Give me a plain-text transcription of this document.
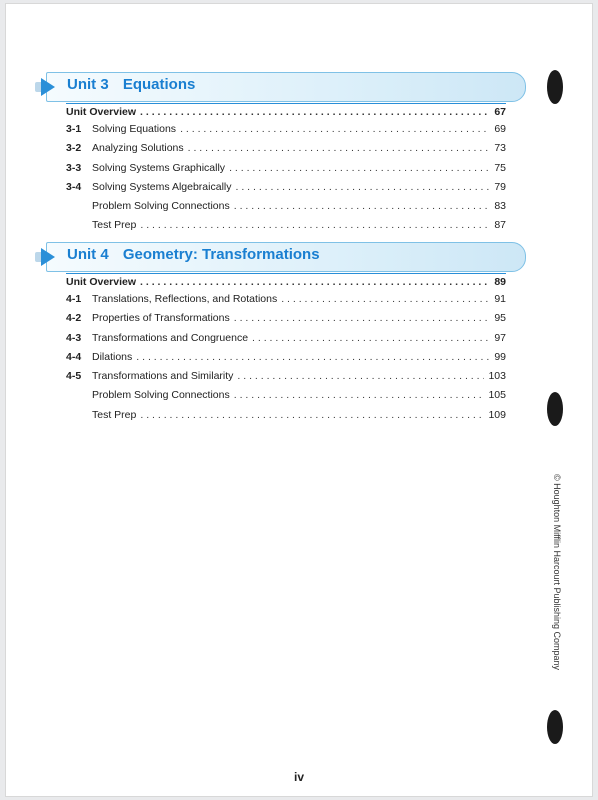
Unit 3 Equations
Unit Overview . . .	67
3-1	Solving Equations . . .	69
3-2	Analyzing Solutions . . .	73
3-3	Solving Systems Graphically . . .	75
3-4	Solving Systems Algebraically . . .	79
Problem Solving Connections . . .	83
Test Prep . . .	87
Unit 4 Geometry: Transformations
Unit Overview . . .	89
4-1	Translations, Reflections, and Rotations . . .	91
4-2	Properties of Transformations . . .	95
4-3	Transformations and Congruence . . .	97
4-4	Dilations . . .	99
4-5	Transformations and Similarity . . .	103
Problem Solving Connections . . .	105
Test Prep . . .	109
© Houghton Mifflin Harcourt Publishing Company
iv
